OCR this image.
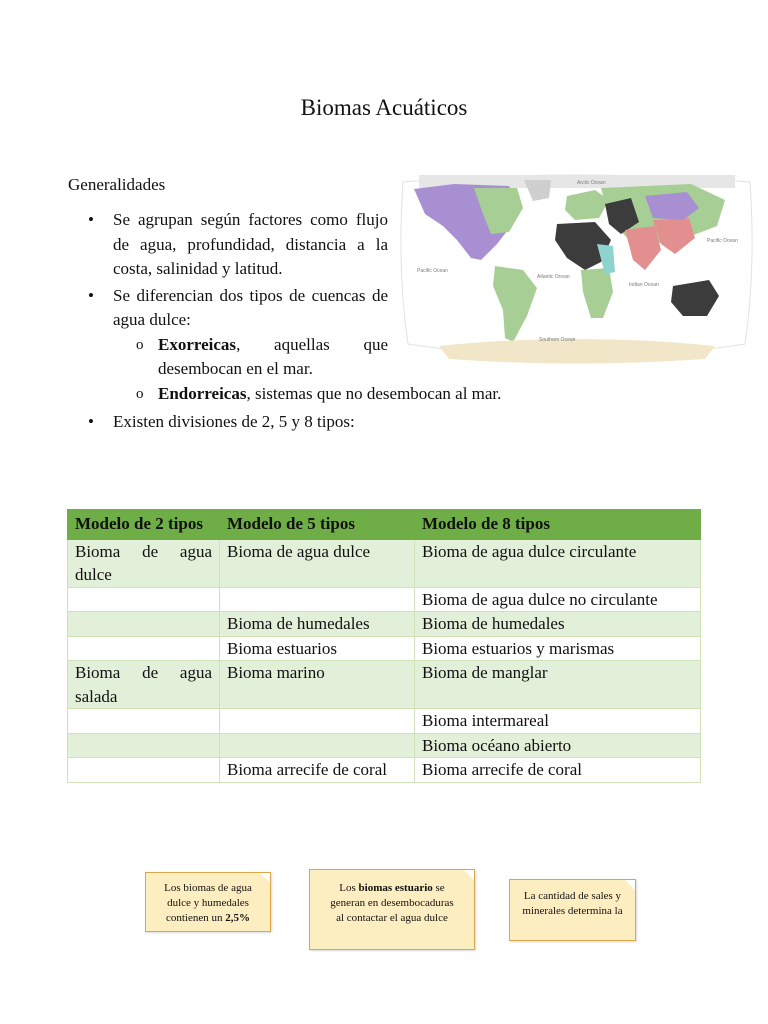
Biomas Acuáticos
Generalidades
• Se agrupan según factores como flujo de agua, profundidad, distancia a la costa, salinidad y latitud.
• Se diferencian dos tipos de cuencas de agua dulce:
o Exorreicas, aquellas que desembocan en el mar.
o Endorreicas, sistemas que no desembocan al mar.
• Existen divisiones de 2, 5 y 8 tipos:
Arctic Ocean
Pacific Ocean
Atlantic Ocean
Indian Ocean
Pacific Ocean
Southern Ocean
Modelo de 2 tipos	Modelo de 5 tipos	Modelo de 8 tipos
Bioma de agua dulce	Bioma de agua dulce	Bioma de agua dulce circulante
		Bioma de agua dulce no circulante
	Bioma de humedales	Bioma de humedales
	Bioma estuarios	Bioma estuarios y marismas
Bioma de agua salada	Bioma marino	Bioma de manglar
		Bioma intermareal
		Bioma océano abierto
	Bioma arrecife de coral	Bioma arrecife de coral
Los biomas de agua dulce y humedales contienen un 2,5%
Los biomas estuario se generan en desembocaduras al contactar el agua dulce
La cantidad de sales y minerales determina la
